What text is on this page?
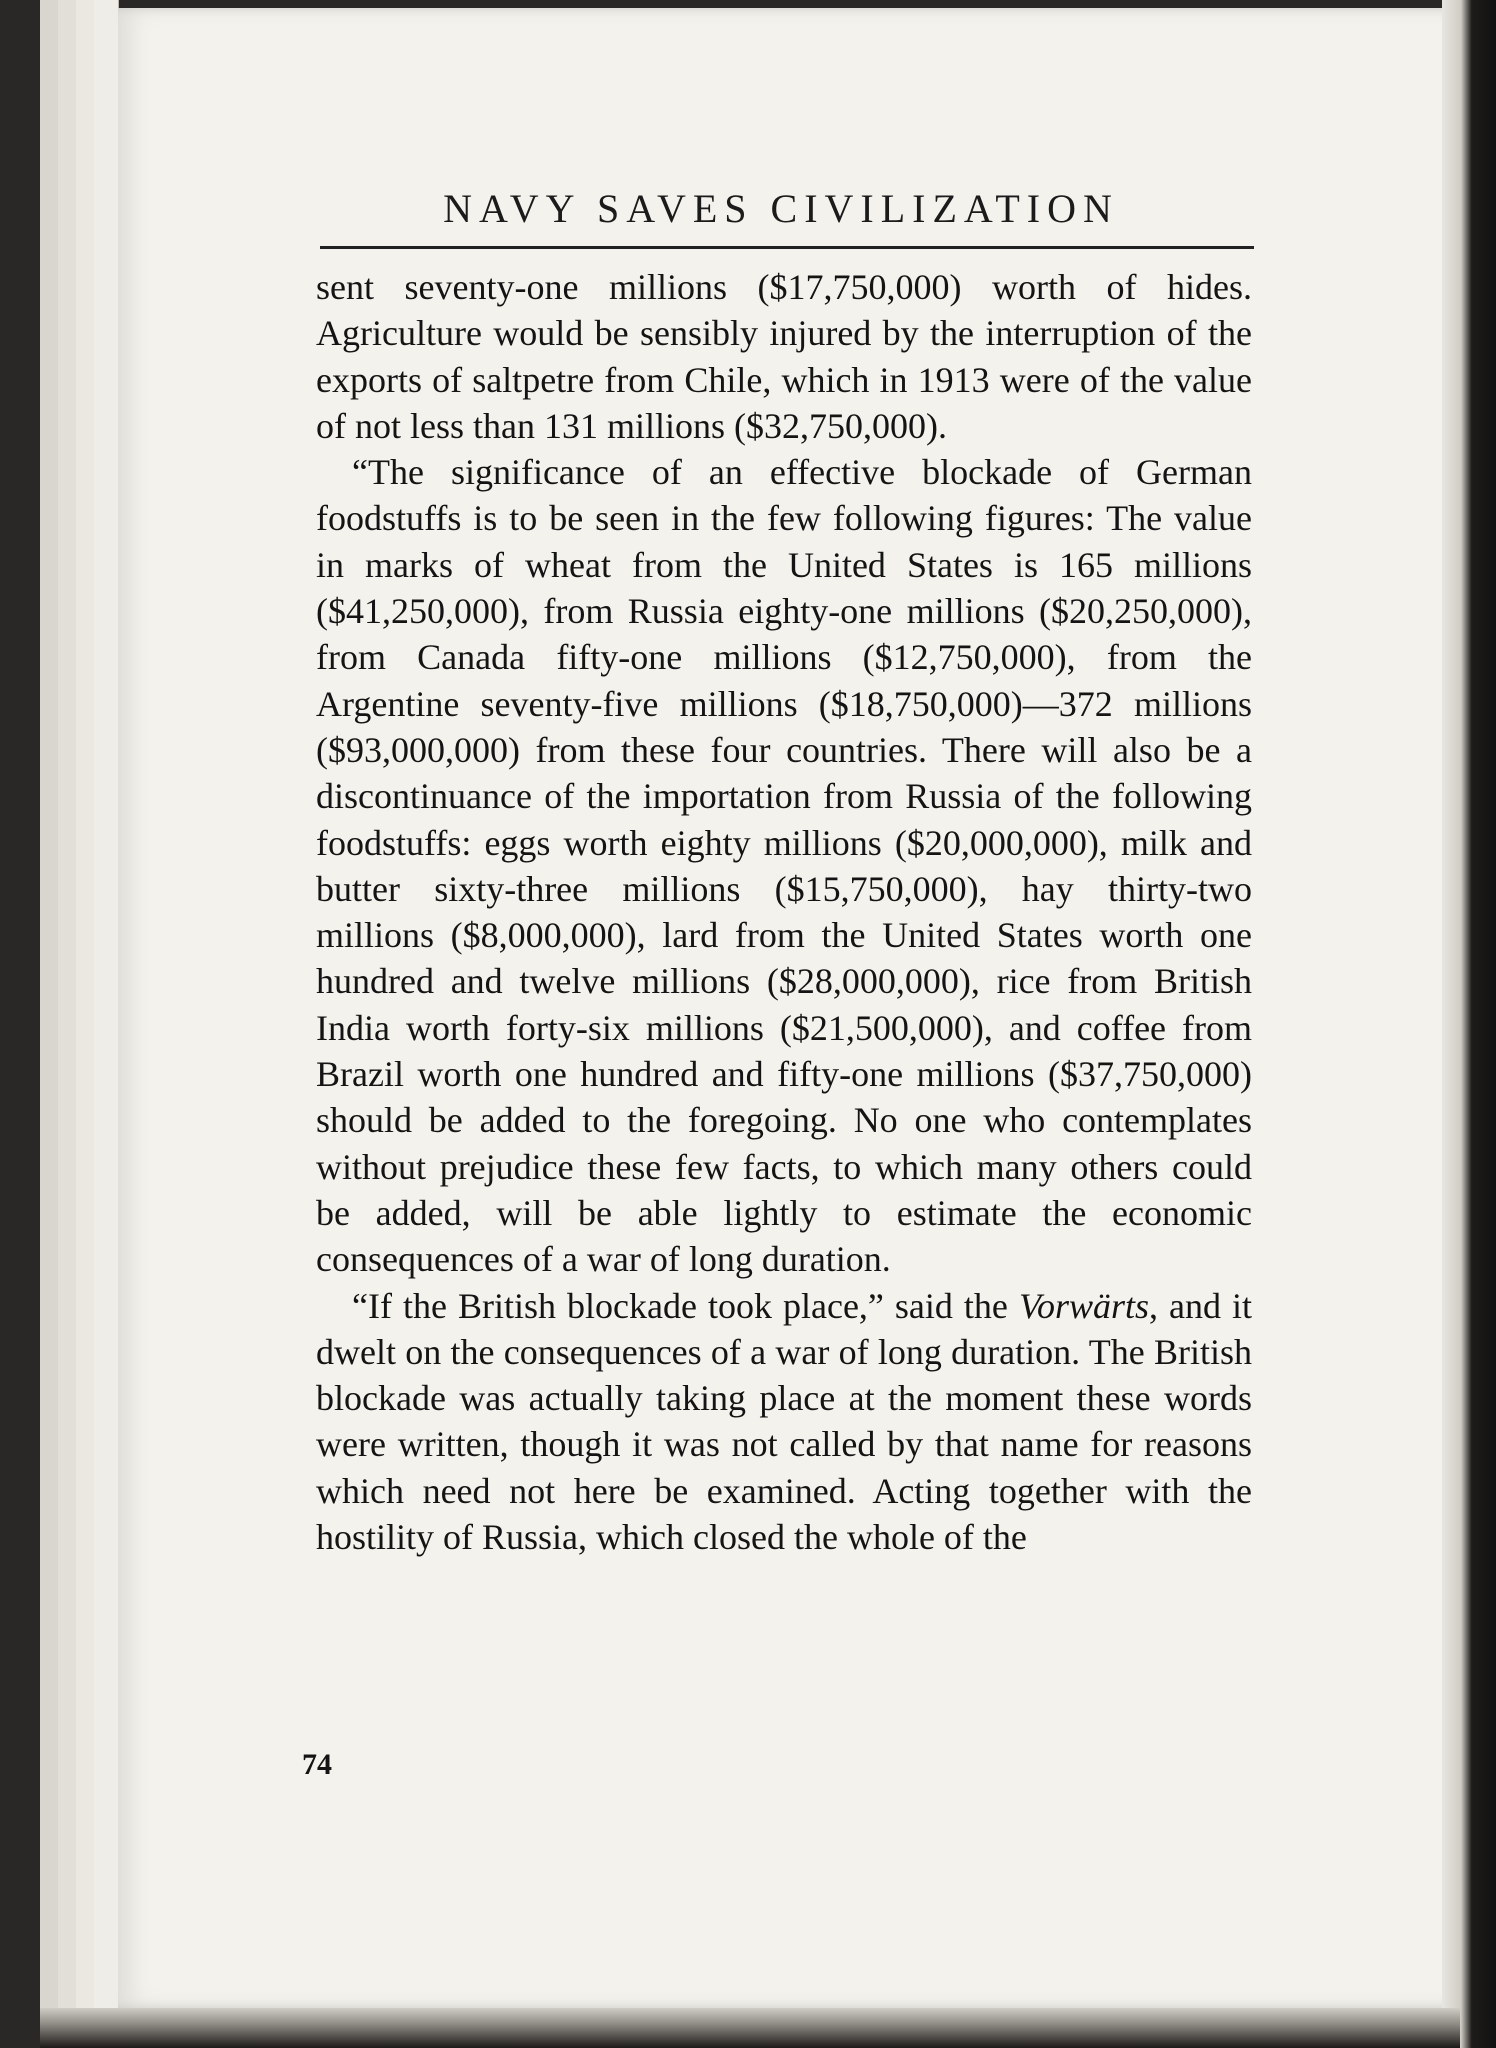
NAVY SAVES CIVILIZATION

sent seventy-one millions ($17,750,000) worth of hides. Agriculture would be sensibly injured by the interruption of the exports of saltpetre from Chile, which in 1913 were of the value of not less than 131 millions ($32,750,000).

“The significance of an effective blockade of German foodstuffs is to be seen in the few following figures: The value in marks of wheat from the United States is 165 millions ($41,250,000), from Russia eighty-one millions ($20,250,000), from Canada fifty-one millions ($12,750,000), from the Argentine seventy-five millions ($18,750,000)—372 millions ($93,000,000) from these four countries. There will also be a discontinuance of the importation from Russia of the following foodstuffs: eggs worth eighty millions ($20,000,000), milk and butter sixty-three millions ($15,750,000), hay thirty-two millions ($8,000,000), lard from the United States worth one hundred and twelve millions ($28,000,000), rice from British India worth forty-six millions ($21,500,000), and coffee from Brazil worth one hundred and fifty-one millions ($37,750,000) should be added to the foregoing. No one who contemplates without prejudice these few facts, to which many others could be added, will be able lightly to estimate the economic consequences of a war of long duration.

“If the British blockade took place,” said the Vorwärts, and it dwelt on the consequences of a war of long duration. The British blockade was actually taking place at the moment these words were written, though it was not called by that name for reasons which need not here be examined. Acting together with the hostility of Russia, which closed the whole of the

74
